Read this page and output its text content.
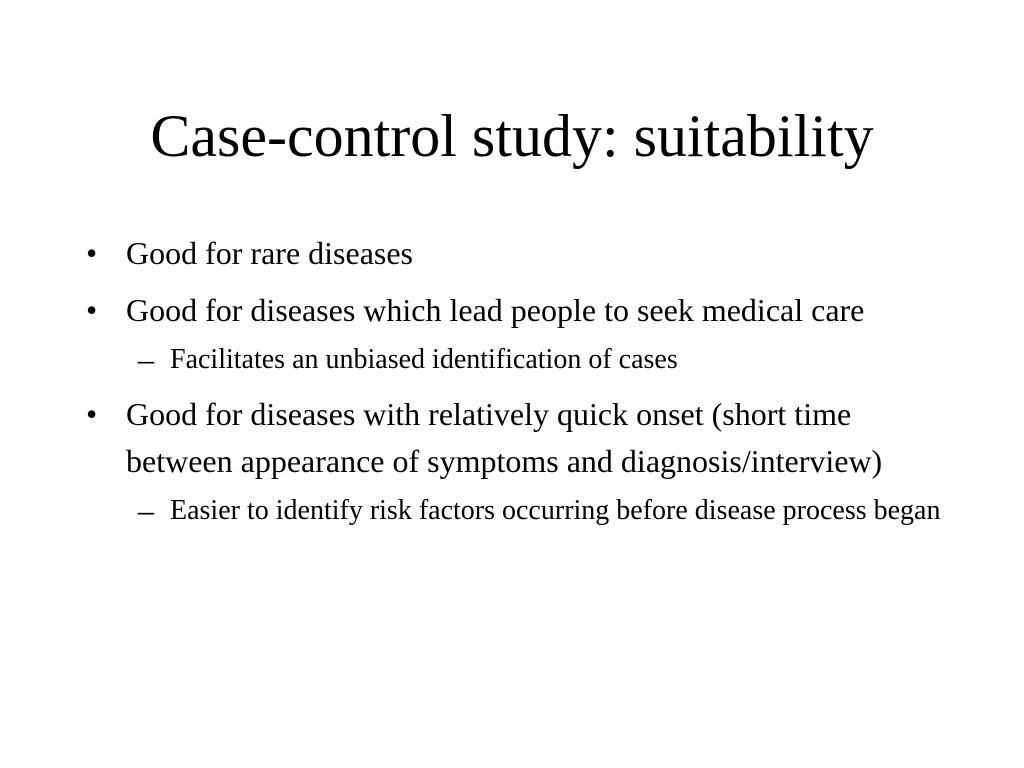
Case-control study: suitability
• Good for rare diseases
• Good for diseases which lead people to seek medical care
– Facilitates an unbiased identification of cases
• Good for diseases with relatively quick onset (short time between appearance of symptoms and diagnosis/interview)
– Easier to identify risk factors occurring before disease process began
